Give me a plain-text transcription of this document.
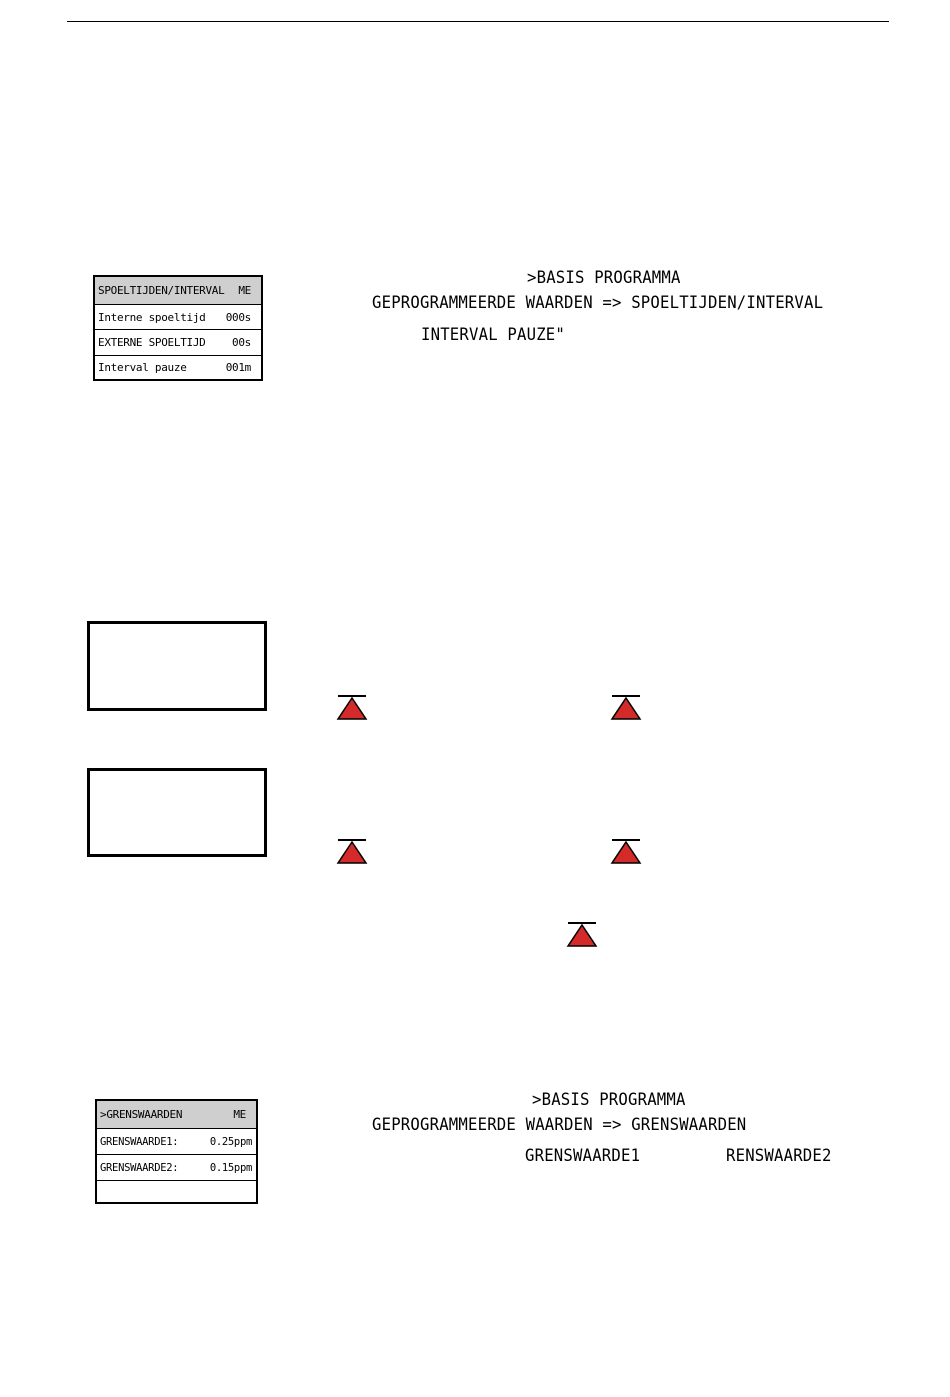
SPOELTIJDEN/INTERVAL ME
Interne spoeltijd 000s
EXTERNE SPOELTIJD 00s
Interval pauze	001m
>BASIS PROGRAMMA
GEPROGRAMMEERDE WAARDEN => SPOELTIJDEN/INTERVAL
INTERVAL PAUZE"
>GRENSWAARDEN	ME
GRENSWAARDE1:	0.25ppm
GRENSWAARDE2:	0.15ppm
>BASIS PROGRAMMA
GEPROGRAMMEERDE WAARDEN => GRENSWAARDEN
GRENSWAARDE1	RENSWAARDE2
